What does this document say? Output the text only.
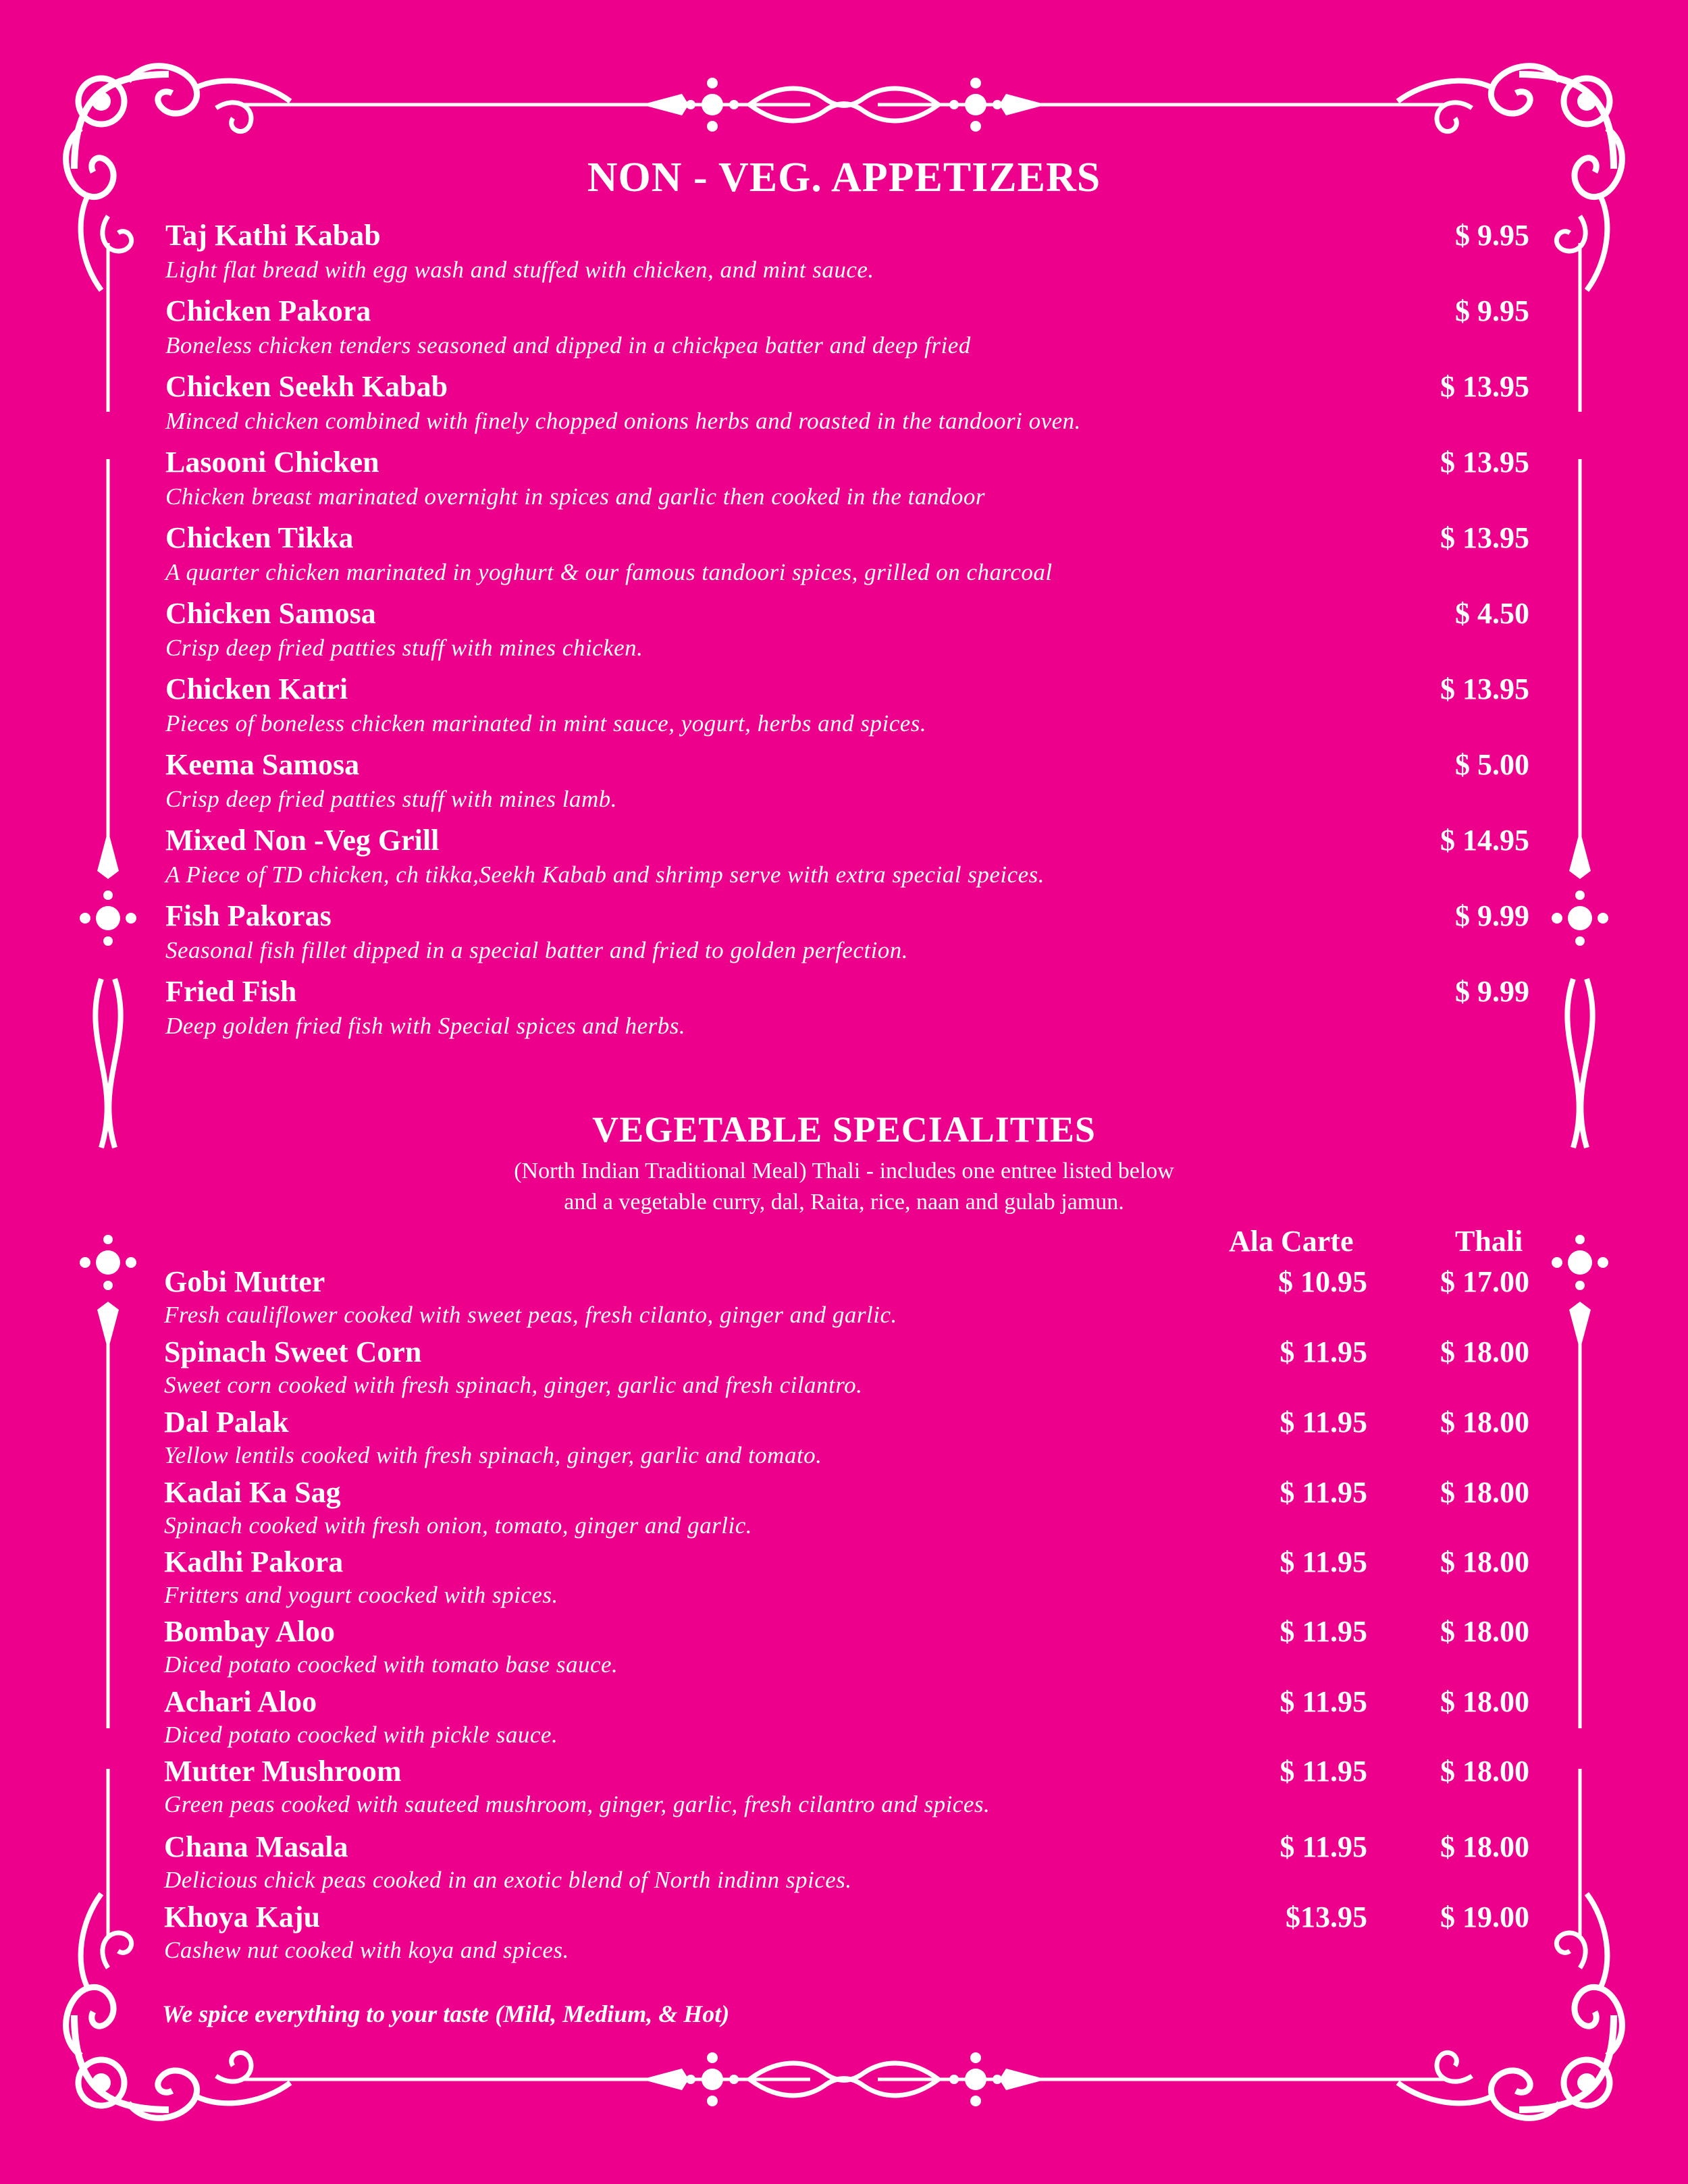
NON - VEG. APPETIZERS
Taj Kathi Kabab
Light flat bread with egg wash and stuffed with chicken, and mint sauce.
$ 9.95
Chicken Pakora
Boneless chicken tenders seasoned and dipped in a chickpea batter and deep fried
$ 9.95
Chicken Seekh Kabab
Minced chicken combined with finely chopped onions herbs and roasted in the tandoori oven.
$ 13.95
Lasooni Chicken
Chicken breast marinated overnight in spices and garlic then cooked in the tandoor
$ 13.95
Chicken Tikka
A quarter chicken marinated in yoghurt & our famous tandoori spices, grilled on charcoal
$ 13.95
Chicken Samosa
Crisp deep fried patties stuff with mines chicken.
$ 4.50
Chicken Katri
Pieces of boneless chicken marinated in mint sauce, yogurt, herbs and spices.
$ 13.95
Keema Samosa
Crisp deep fried patties stuff with mines lamb.
$ 5.00
Mixed Non -Veg Grill
A Piece of TD chicken, ch tikka,Seekh Kabab and shrimp serve with extra special speices.
$ 14.95
Fish Pakoras
Seasonal fish fillet dipped in a special batter and fried to golden perfection.
$ 9.99
Fried Fish
Deep golden fried fish with Special spices and herbs.
$ 9.99
VEGETABLE SPECIALITIES
(North Indian Traditional Meal) Thali - includes one entree listed below
and a vegetable curry, dal, Raita, rice, naan and gulab jamun.
Ala Carte	Thali
Gobi Mutter
Fresh cauliflower cooked with sweet peas, fresh cilanto, ginger and garlic.
$ 10.95 $ 17.00
Spinach Sweet Corn
Sweet corn cooked with fresh spinach, ginger, garlic and fresh cilantro.
$ 11.95 $ 18.00
Dal Palak
Yellow lentils cooked with fresh spinach, ginger, garlic and tomato.
$ 11.95 $ 18.00
Kadai Ka Sag
Spinach cooked with fresh onion, tomato, ginger and garlic.
$ 11.95 $ 18.00
Kadhi Pakora
Fritters and yogurt coocked with spices.
$ 11.95 $ 18.00
Bombay Aloo
Diced potato coocked with tomato base sauce.
$ 11.95 $ 18.00
Achari Aloo
Diced potato coocked with pickle sauce.
$ 11.95 $ 18.00
Mutter Mushroom
Green peas cooked with sauteed mushroom, ginger, garlic, fresh cilantro and spices.
$ 11.95 $ 18.00
Chana Masala
Delicious chick peas cooked in an exotic blend of North indinn spices.
$ 11.95 $ 18.00
Khoya Kaju
Cashew nut cooked with koya and spices.
$13.95 $ 19.00
We spice everything to your taste (Mild, Medium, & Hot)
